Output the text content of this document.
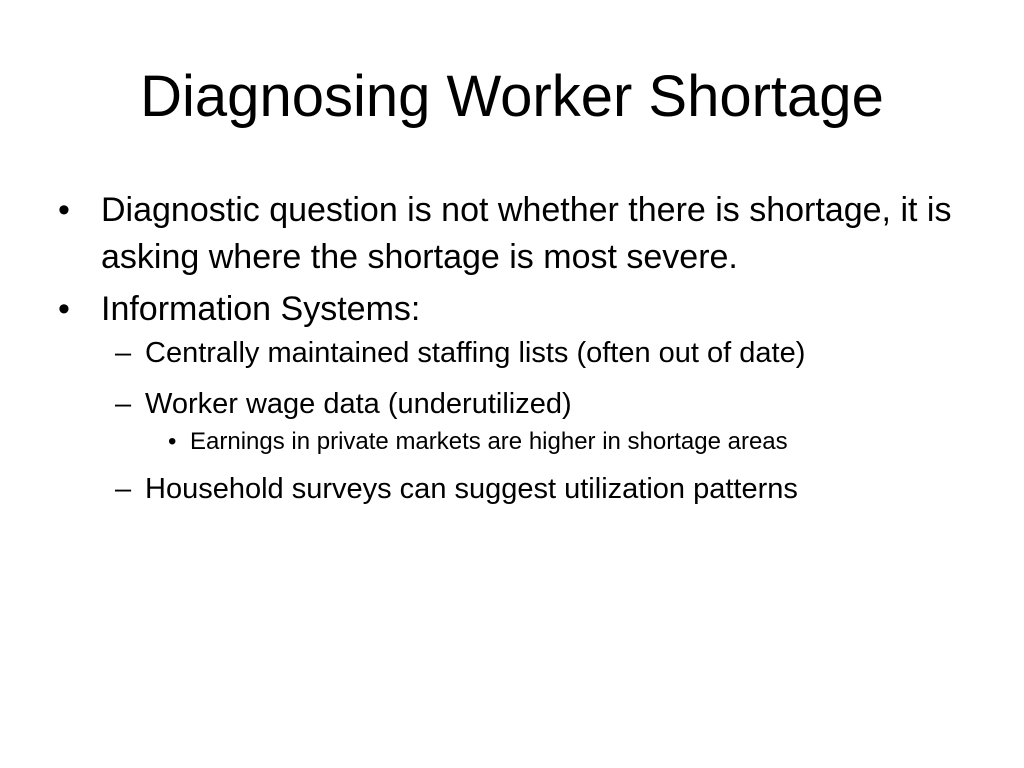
Diagnosing Worker Shortage
• Diagnostic question is not whether there is shortage, it is asking where the shortage is most severe.
• Information Systems:
– Centrally maintained staffing lists (often out of date)
– Worker wage data (underutilized)
• Earnings in private markets are higher in shortage areas
– Household surveys can suggest utilization patterns
